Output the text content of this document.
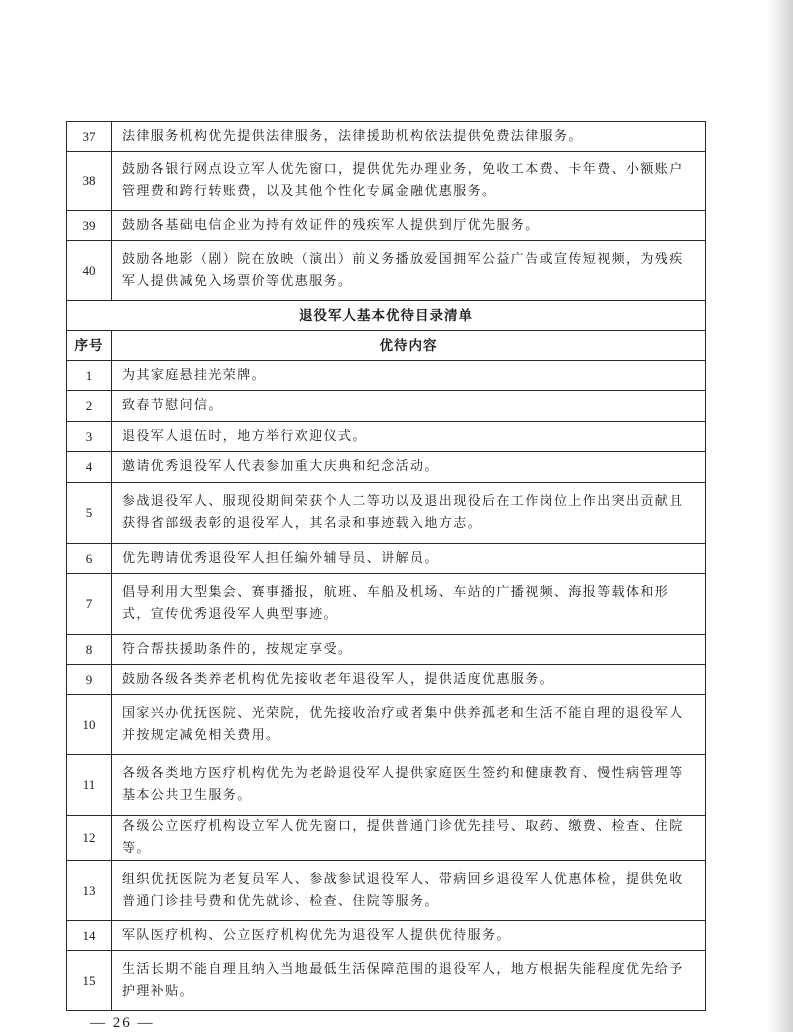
37	法律服务机构优先提供法律服务，法律援助机构依法提供免费法律服务。
38	鼓励各银行网点设立军人优先窗口，提供优先办理业务，免收工本费、卡年费、小额账户管理费和跨行转账费，以及其他个性化专属金融优惠服务。
39	鼓励各基础电信企业为持有效证件的残疾军人提供到厅优先服务。
40	鼓励各地影（剧）院在放映（演出）前义务播放爱国拥军公益广告或宣传短视频，为残疾军人提供减免入场票价等优惠服务。
退役军人基本优待目录清单	
序号	优待内容
1	为其家庭悬挂光荣牌。
2	致春节慰问信。
3	退役军人退伍时，地方举行欢迎仪式。
4	邀请优秀退役军人代表参加重大庆典和纪念活动。
5	参战退役军人、服现役期间荣获个人二等功以及退出现役后在工作岗位上作出突出贡献且获得省部级表彰的退役军人，其名录和事迹载入地方志。
6	优先聘请优秀退役军人担任编外辅导员、讲解员。
7	倡导利用大型集会、赛事播报，航班、车船及机场、车站的广播视频、海报等载体和形式，宣传优秀退役军人典型事迹。
8	符合帮扶援助条件的，按规定享受。
9	鼓励各级各类养老机构优先接收老年退役军人，提供适度优惠服务。
10	国家兴办优抚医院、光荣院，优先接收治疗或者集中供养孤老和生活不能自理的退役军人并按规定减免相关费用。
11	各级各类地方医疗机构优先为老龄退役军人提供家庭医生签约和健康教育、慢性病管理等基本公共卫生服务。
12	各级公立医疗机构设立军人优先窗口，提供普通门诊优先挂号、取药、缴费、检查、住院等。
13	组织优抚医院为老复员军人、参战参试退役军人、带病回乡退役军人优惠体检，提供免收普通门诊挂号费和优先就诊、检查、住院等服务。
14	军队医疗机构、公立医疗机构优先为退役军人提供优待服务。
15	生活长期不能自理且纳入当地最低生活保障范围的退役军人，地方根据失能程度优先给予护理补贴。
— 26 —
